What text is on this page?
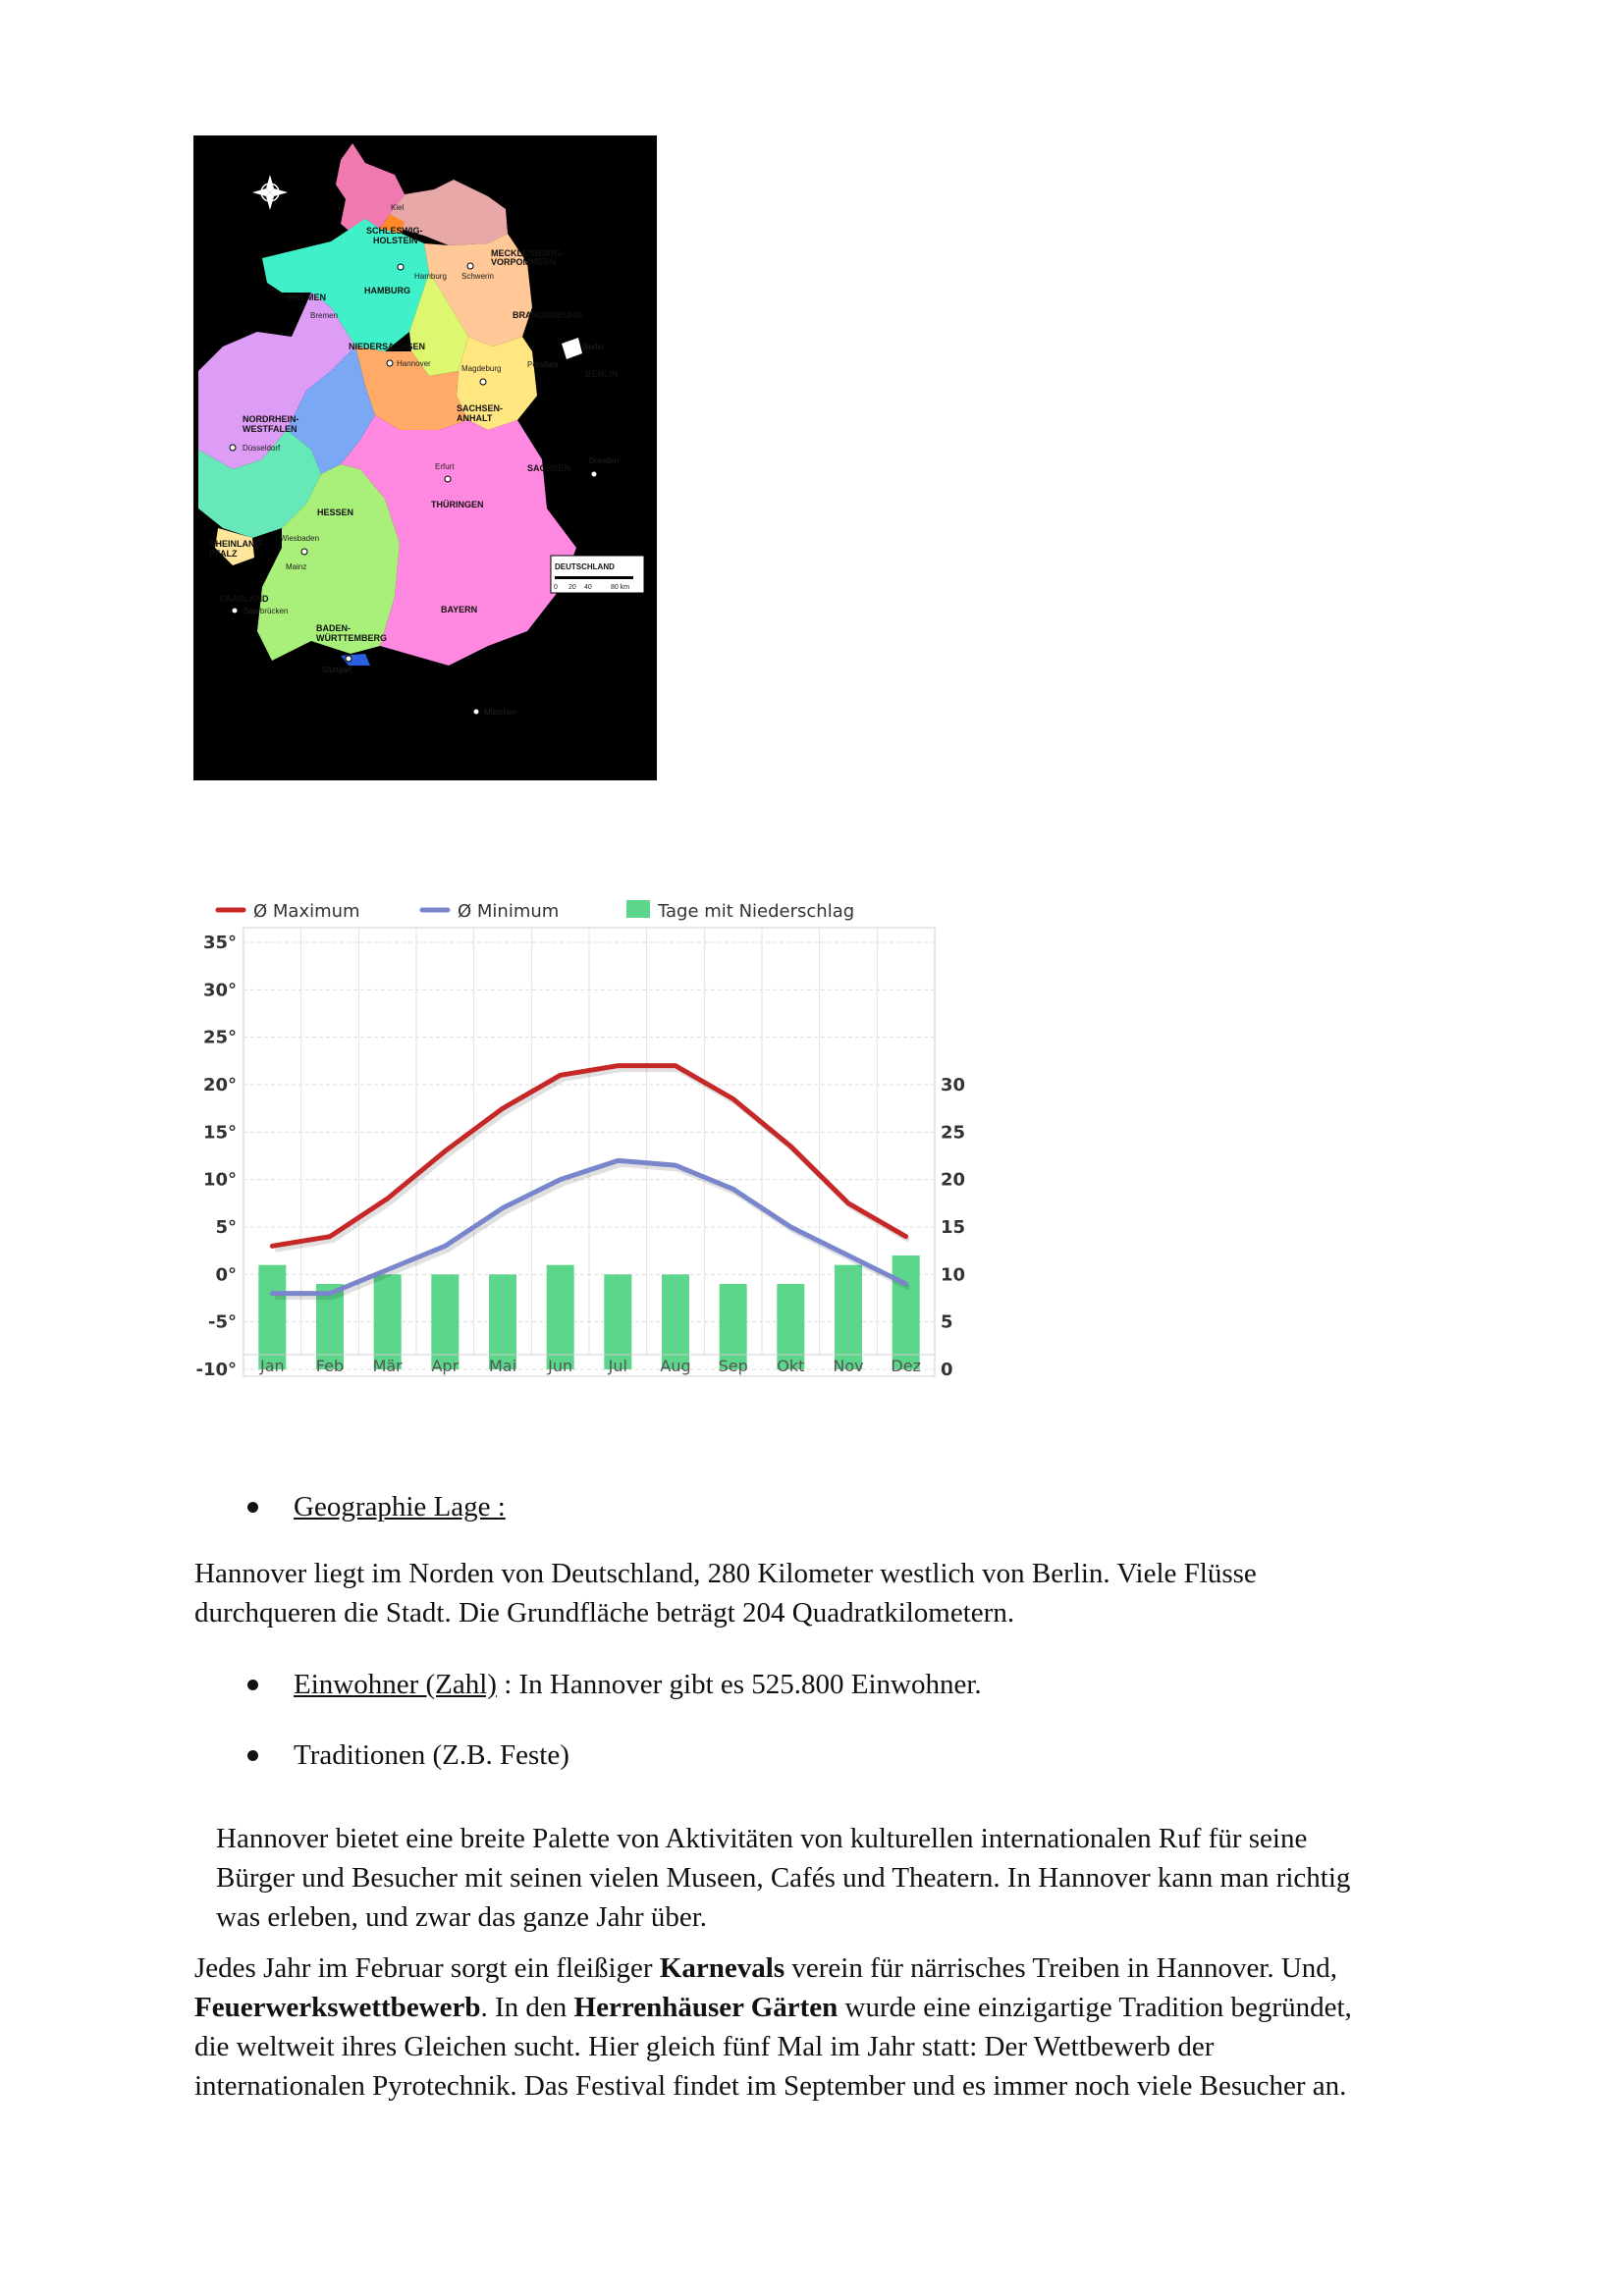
SCHLESWIG-
HOLSTEIN
MECKLENBURG-
VORPOMMERN
HAMBURG
BREMEN
NIEDERSACHSEN
BRANDENBURG
BERLIN
SACHSEN-
ANHALT
NORDRHEIN-
WESTFALEN
SACHSEN
THÜRINGEN
HESSEN
RHEINLAND-
PFALZ
SAARLAND
BADEN-
WÜRTTEMBERG
BAYERN
Kiel
Hamburg Schwerin
Bremen
Hannover
Magdeburg	Potsdam
Berlin
Düsseldorf
Erfurt
Dresden
Wiesbaden
Mainz
Saarbrücken
Stuttgart
München
DEUTSCHLAND
0 20 40	80 km
Ø Maximum	Ø Minimum	Tage mit Niederschlag
35°
30°
25°
20°
15°
10°
5°
0°
-5°
-10°
30
25
20
15
10
5
0
Jan Feb Mär Apr Mai Jun Jul Aug Sep Okt Nov Dez
Geographie Lage :
Hannover liegt im Norden von Deutschland, 280 Kilometer westlich von Berlin. Viele Flüsse
durchqueren die Stadt. Die Grundfläche beträgt 204 Quadratkilometern.
Einwohner (Zahl) : In Hannover gibt es 525.800 Einwohner.
Traditionen (Z.B. Feste)
Hannover bietet eine breite Palette von Aktivitäten von kulturellen internationalen Ruf für seine
Bürger und Besucher mit seinen vielen Museen, Cafés und Theatern. In Hannover kann man richtig
was erleben, und zwar das ganze Jahr über.
Jedes Jahr im Februar sorgt ein fleißiger Karnevals verein für närrisches Treiben in Hannover. Und,
Feuerwerkswettbewerb. In den Herrenhäuser Gärten wurde eine einzigartige Tradition begründet,
die weltweit ihres Gleichen sucht. Hier gleich fünf Mal im Jahr statt: Der Wettbewerb der
internationalen Pyrotechnik. Das Festival findet im September und es immer noch viele Besucher an.
